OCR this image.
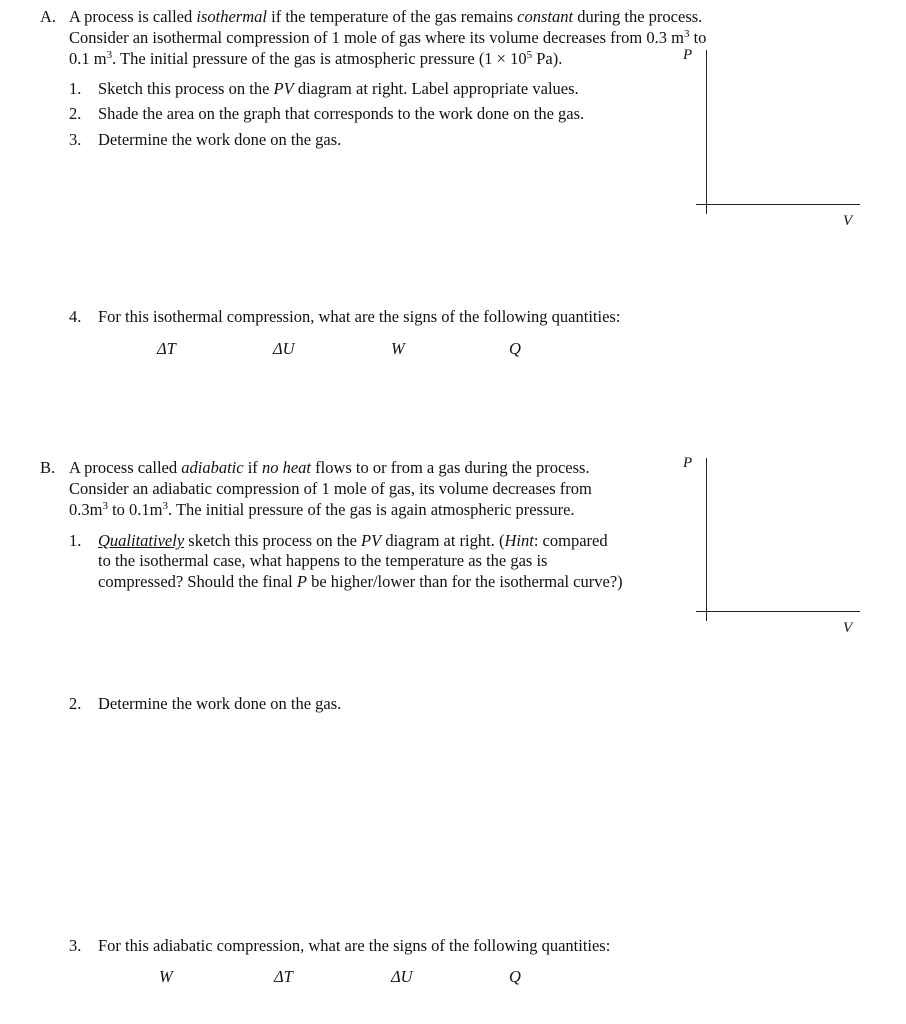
A. A process is called isothermal if the temperature of the gas remains constant during the process.
Consider an isothermal compression of 1 mole of gas where its volume decreases from 0.3 $m^3$ to
0.1 $m^3$. The initial pressure of the gas is atmospheric pressure ($1 \times 10^5$ Pa).
1. Sketch this process on the PV diagram at right. Label appropriate values.
2. Shade the area on the graph that corresponds to the work done on the gas.
3. Determine the work done on the gas.
4. For this isothermal compression, what are the signs of the following quantities:
ΔT	ΔU	W	Q
P
V
B. A process called adiabatic if no heat flows to or from a gas during the process.
Consider an adiabatic compression of 1 mole of gas, its volume decreases from
$0.3m^3$ to $0.1m^3$. The initial pressure of the gas is again atmospheric pressure.
1. Qualitatively sketch this process on the PV diagram at right. (Hint: compared
to the isothermal case, what happens to the temperature as the gas is
compressed? Should the final P be higher/lower than for the isothermal curve?)
2. Determine the work done on the gas.
3. For this adiabatic compression, what are the signs of the following quantities:
W	ΔT	ΔU	Q
P
V
